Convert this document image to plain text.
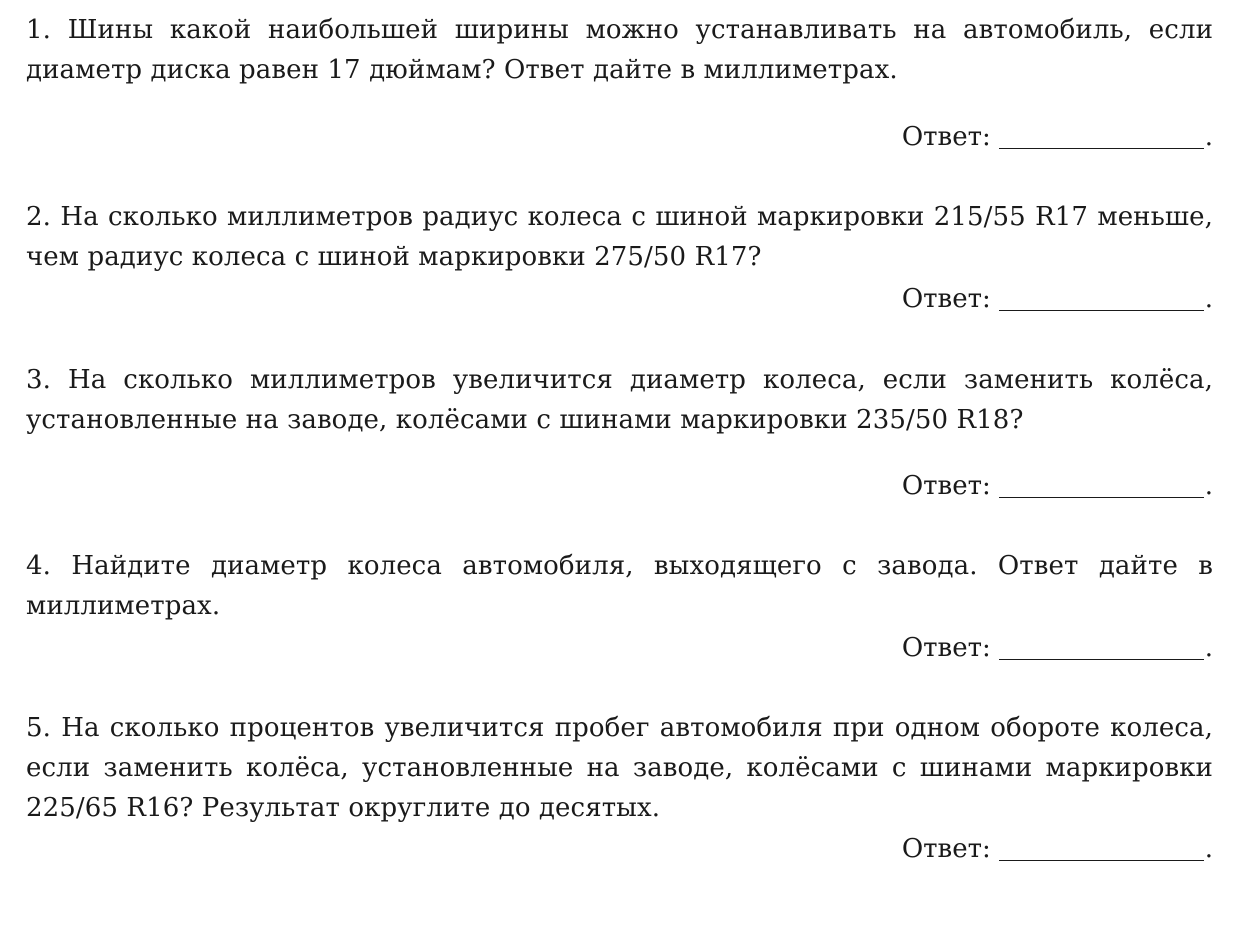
1. Шины какой наибольшей ширины можно устанавливать на автомобиль, если диаметр диска равен 17 дюймам? Ответ дайте в миллиметрах.

Ответ:	.

2. На сколько миллиметров радиус колеса с шиной маркировки 215/55 R17 меньше, чем радиус колеса с шиной маркировки 275/50 R17?

Ответ:	.

3. На сколько миллиметров увеличится диаметр колеса, если заменить колёса, установленные на заводе, колёсами с шинами маркировки 235/50 R18?

Ответ:	.

4. Найдите диаметр колеса автомобиля, выходящего с завода. Ответ дайте в миллиметрах.

Ответ:	.

5. На сколько процентов увеличится пробег автомобиля при одном обороте колеса, если заменить колёса, установленные на заводе, колёсами с шинами маркировки 225/65 R16? Результат округлите до десятых.

Ответ:	.
